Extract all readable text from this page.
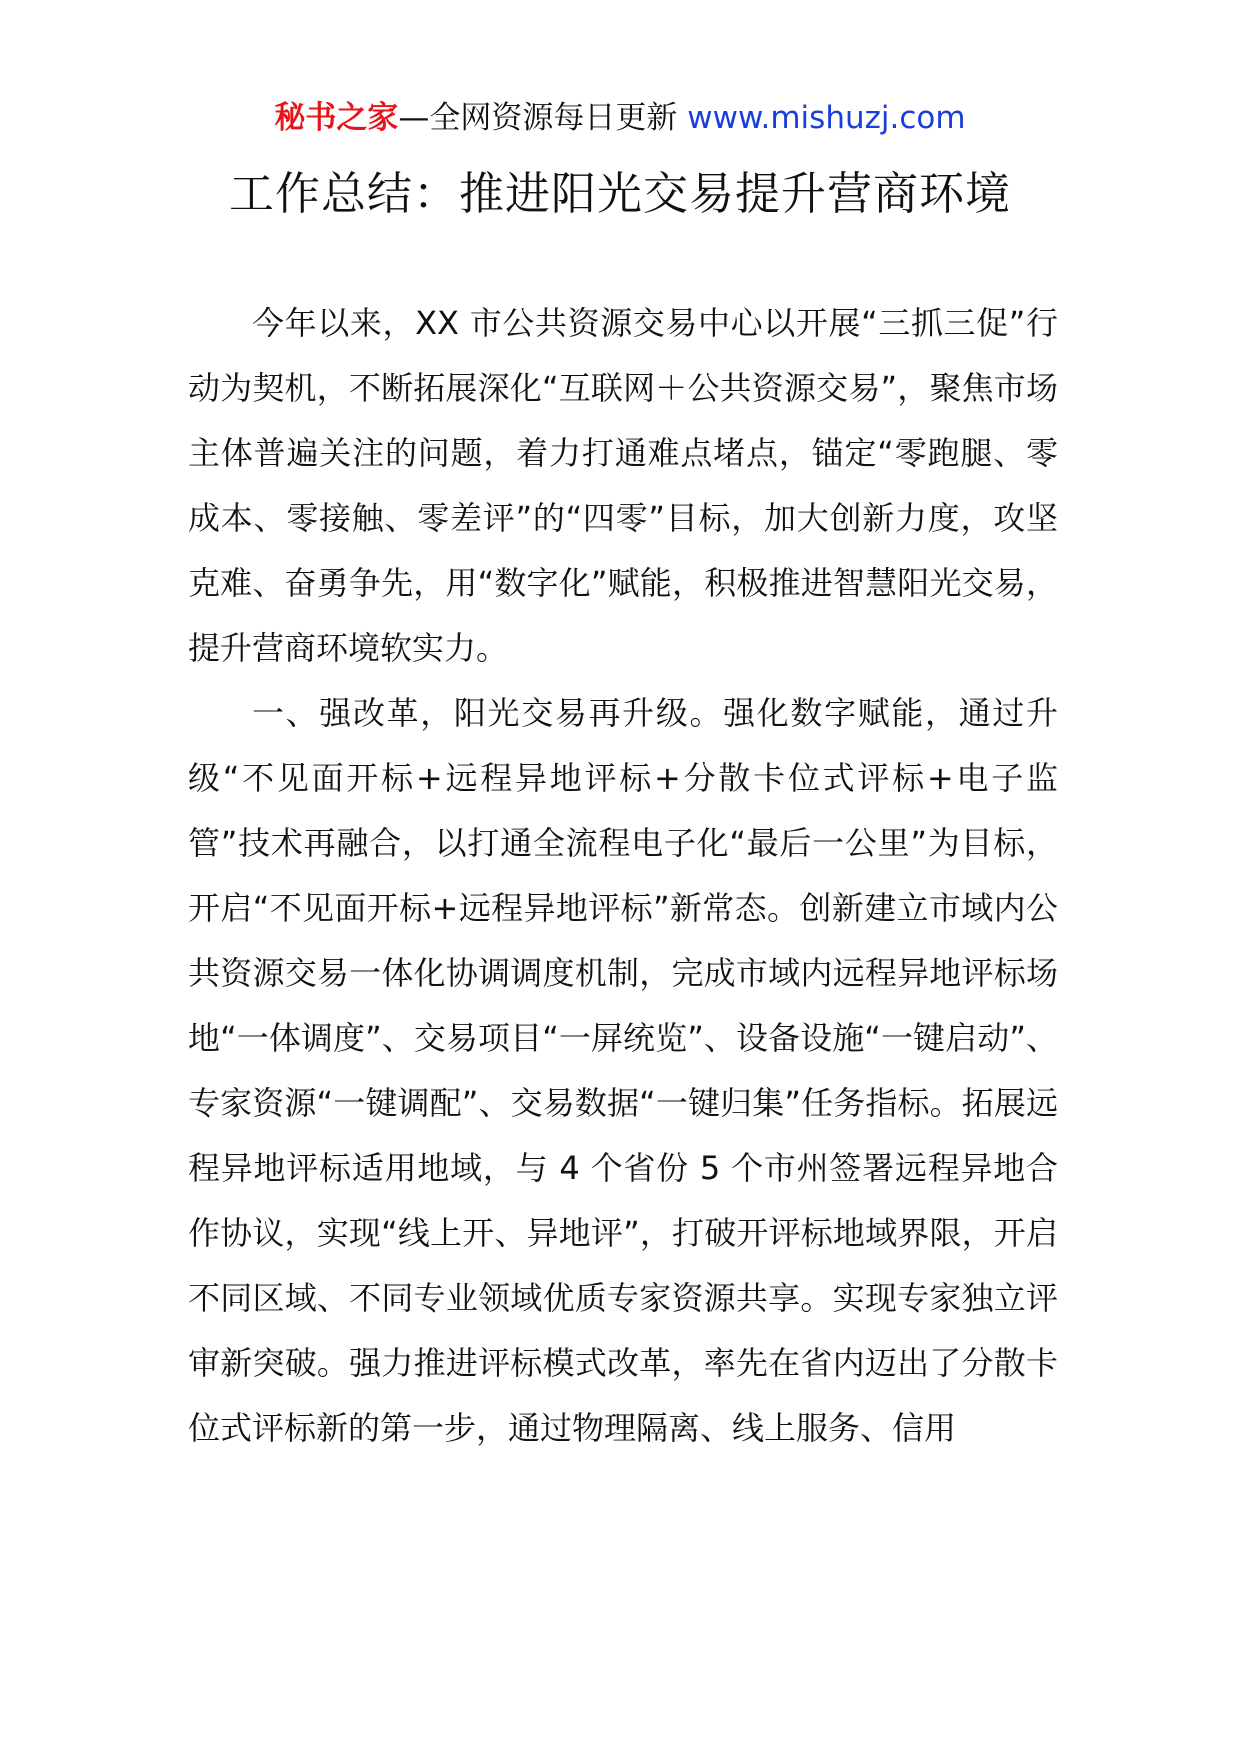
秘书之家—全网资源每日更新 www.mishuzj.com
工作总结：推进阳光交易提升营商环境

今年以来，XX 市公共资源交易中心以开展“三抓三促”行动为契机，不断拓展深化“互联网＋公共资源交易”，聚焦市场主体普遍关注的问题，着力打通难点堵点，锚定“零跑腿、零成本、零接触、零差评”的“四零”目标，加大创新力度，攻坚克难、奋勇争先，用“数字化”赋能，积极推进智慧阳光交易，提升营商环境软实力。

一、强改革，阳光交易再升级。强化数字赋能，通过升级“不见面开标+远程异地评标+分散卡位式评标+电子监管”技术再融合，以打通全流程电子化“最后一公里”为目标，开启“不见面开标+远程异地评标”新常态。创新建立市域内公共资源交易一体化协调调度机制，完成市域内远程异地评标场地“一体调度”、交易项目“一屏统览”、设备设施“一键启动”、专家资源“一键调配”、交易数据“一键归集”任务指标。拓展远程异地评标适用地域，与 4 个省份 5 个市州签署远程异地合作协议，实现“线上开、异地评”，打破开评标地域界限，开启不同区域、不同专业领域优质专家资源共享。实现专家独立评审新突破。强力推进评标模式改革，率先在省内迈出了分散卡位式评标新的第一步，通过物理隔离、线上服务、信用
